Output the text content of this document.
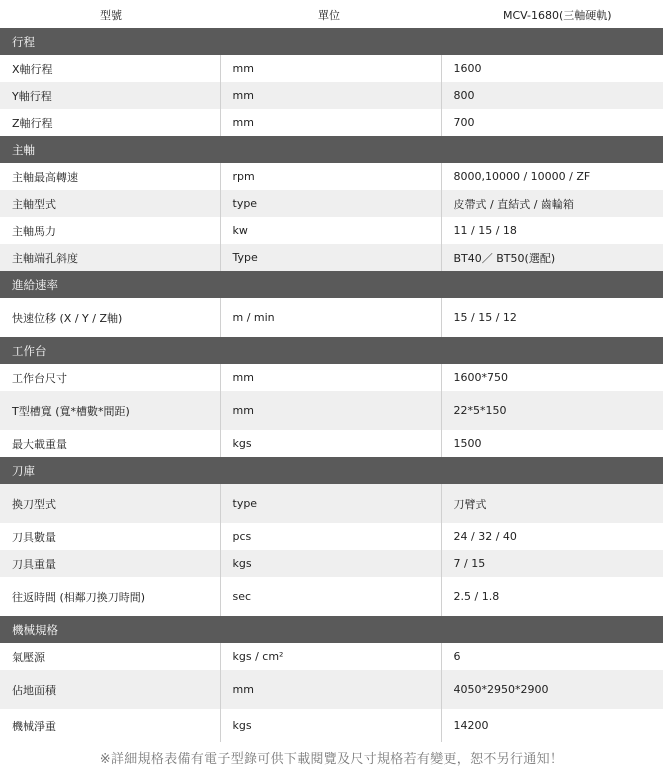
型號	單位	MCV-1680(三軸硬軌)
行程		
X軸行程	mm	1600
Y軸行程	mm	800
Z軸行程	mm	700
主軸		
主軸最高轉速	rpm	8000,10000 / 10000 / ZF
主軸型式	type	皮帶式 / 直結式 / 齒輪箱
主軸馬力	kw	11 / 15 / 18
主軸端孔斜度	Type	BT40／ BT50(選配)
進給速率		
快速位移 (X / Y / Z軸)	m / min	15 / 15 / 12
工作台		
工作台尺寸	mm	1600*750
T型槽寬 (寬*槽數*間距)	mm	22*5*150
最大載重量	kgs	1500
刀庫		
換刀型式	type	刀臂式
刀具數量	pcs	24 / 32 / 40
刀具重量	kgs	7 / 15
往返時間 (相鄰刀換刀時間)	sec	2.5 / 1.8
機械規格		
氣壓源	kgs / cm²	6
佔地面積	mm	4050*2950*2900
機械淨重	kgs	14200
※詳細規格表備有電子型錄可供下載閱覽及尺寸規格若有變更，恕不另行通知！
